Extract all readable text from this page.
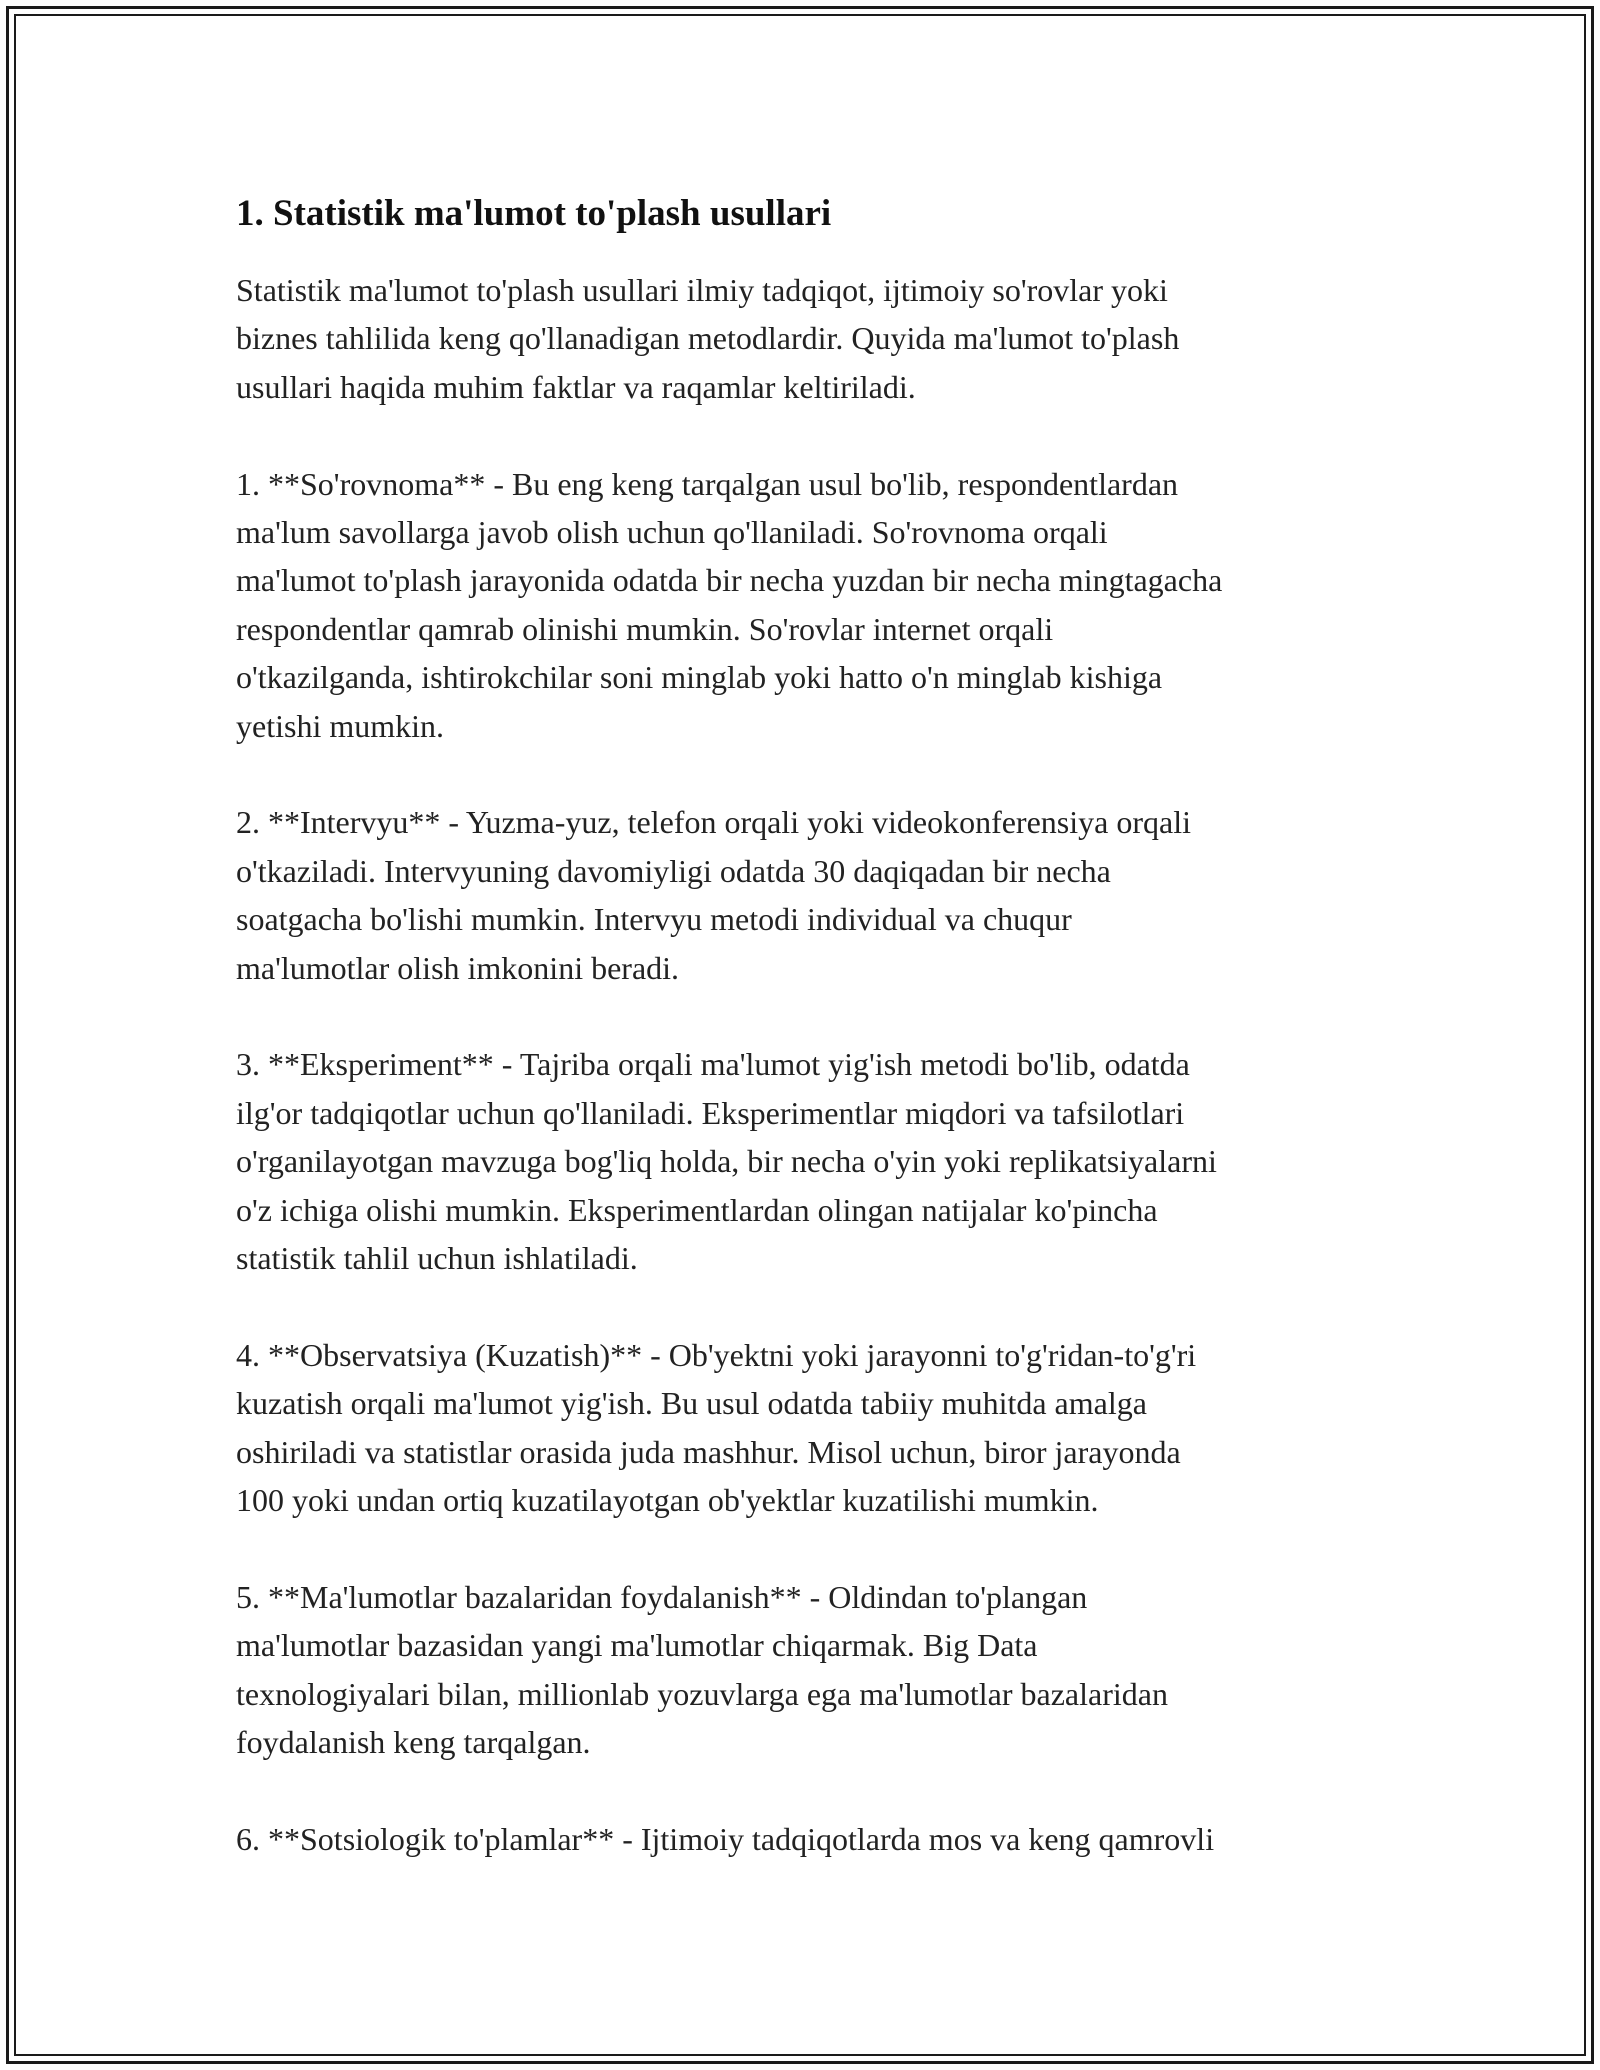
1. Statistik ma'lumot to'plash usullari

Statistik ma'lumot to'plash usullari ilmiy tadqiqot, ijtimoiy so'rovlar yoki
biznes tahlilida keng qo'llanadigan metodlardir. Quyida ma'lumot to'plash
usullari haqida muhim faktlar va raqamlar keltiriladi.

1. **So'rovnoma** - Bu eng keng tarqalgan usul bo'lib, respondentlardan
ma'lum savollarga javob olish uchun qo'llaniladi. So'rovnoma orqali
ma'lumot to'plash jarayonida odatda bir necha yuzdan bir necha mingtagacha
respondentlar qamrab olinishi mumkin. So'rovlar internet orqali
o'tkazilganda, ishtirokchilar soni minglab yoki hatto o'n minglab kishiga
yetishi mumkin.

2. **Intervyu** - Yuzma-yuz, telefon orqali yoki videokonferensiya orqali
o'tkaziladi. Intervyuning davomiyligi odatda 30 daqiqadan bir necha
soatgacha bo'lishi mumkin. Intervyu metodi individual va chuqur
ma'lumotlar olish imkonini beradi.

3. **Eksperiment** - Tajriba orqali ma'lumot yig'ish metodi bo'lib, odatda
ilg'or tadqiqotlar uchun qo'llaniladi. Eksperimentlar miqdori va tafsilotlari
o'rganilayotgan mavzuga bog'liq holda, bir necha o'yin yoki replikatsiyalarni
o'z ichiga olishi mumkin. Eksperimentlardan olingan natijalar ko'pincha
statistik tahlil uchun ishlatiladi.

4. **Observatsiya (Kuzatish)** - Ob'yektni yoki jarayonni to'g'ridan-to'g'ri
kuzatish orqali ma'lumot yig'ish. Bu usul odatda tabiiy muhitda amalga
oshiriladi va statistlar orasida juda mashhur. Misol uchun, biror jarayonda
100 yoki undan ortiq kuzatilayotgan ob'yektlar kuzatilishi mumkin.

5. **Ma'lumotlar bazalaridan foydalanish** - Oldindan to'plangan
ma'lumotlar bazasidan yangi ma'lumotlar chiqarmak. Big Data
texnologiyalari bilan, millionlab yozuvlarga ega ma'lumotlar bazalaridan
foydalanish keng tarqalgan.

6. **Sotsiologik to'plamlar** - Ijtimoiy tadqiqotlarda mos va keng qamrovli
